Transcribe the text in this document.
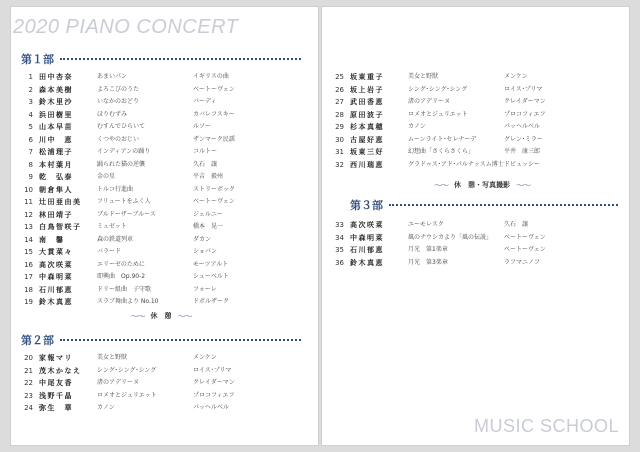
2020 PIANO CONCERT
第１部
1 田中杏奈	あまいパン	イギリスの曲
2 森本美樹	よろこびのうた	ベートーヴェン
3 鈴木里沙	いなかのおどり	バーディ
4 浜田樹里	ほりむずみ	カバレフスキー
5 山本早苗	むすんでひらいて	ルソー
6 川中　恵	くつやのおじい	ザンマーク民謡
7 松浦理子	インディアンの踊り	コルトー
8 本村葉月	踊られた猫の逆襲	久石　譲
9 乾　弘泰	金の星	平吉　毅州
10 朝倉隼人	トルコ行進曲	ストリーボック
11 辻田亜由美	フリュートをふく人	ベートーヴェン
12 林田靖子	ブルドーザーブルース	ジェルニー
13 白鳥智咲子	ミュゼット	橋本　晃一
14 南　馨	森の鉄道列車	ダカン
15 大貫菜々	バラード	ショパン
16 高次咲菜	エリーゼのために	モーツアルト
17 中森明菜	即興曲　Op.90-2	シューベルト
18 石川郁恵	ドリー組曲　子守歌	フォーレ
19 鈴木真恵	スラブ舞曲より No.10	ドボルザーク
〜〜 休　憩 〜〜
第２部
20 家報マリ	美女と野獣	メンケン
21 茂木かなえ	シング･シング･シング	ロイス･プリマ
22 中尾友香	渚のアデリーヌ	クレイダーマン
23 浅野千晶	ロメオとジュリエット	プロコフィエフ
24 弥生　華	カノン	パッヘルベル
25 坂東重子	美女と野獣	メンケン
26 坂上岩子	シング･シング･シング	ロイス･プリマ
27 武田香恵	渚のアデリーヌ	クレイダーマン
28 原田波子	ロメオとジュリエット	プロコフィエフ
29 杉本真穂	カノン	パッヘルベル
30 古屋好恵	ムーンライト･セレナーデ	グレン･ミラー
31 坂東三好	幻想曲「さくらさくら」	平井　康三郎
32 西川瑞恵	グラドゥス･アド･パルナッスム博士 ドビュッシー
〜〜 休　憩・写真撮影 〜〜
第３部
33 高次咲菜	ユーモレスク	久石　譲
34 中森明菜	風のナウシカより「風の伝説」 ベートーヴェン
35 石川郁恵	月光　第1楽章	ベートーヴェン
36 鈴木真恵	月光　第3楽章	ラフマニノフ
MUSIC SCHOOL
